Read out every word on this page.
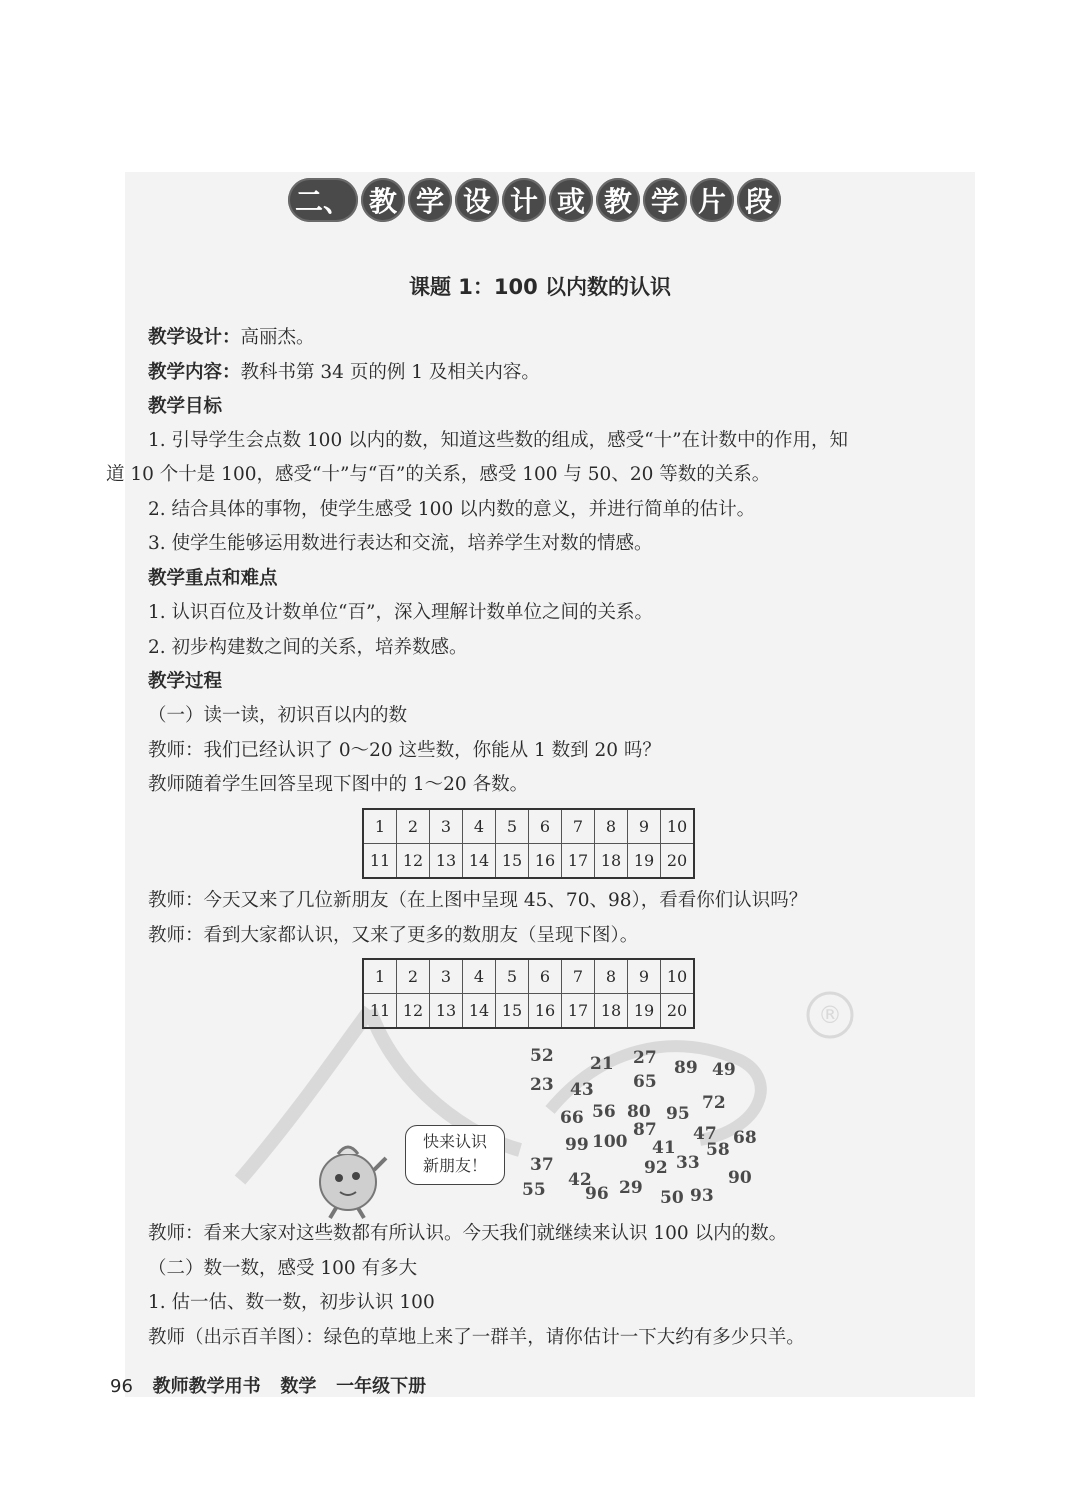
二、 教 学 设 计 或 教 学 片 段
课题 1：100 以内数的认识
教学设计：高丽杰。
教学内容：教科书第 34 页的例 1 及相关内容。
教学目标
1. 引导学生会点数 100 以内的数，知道这些数的组成，感受“十”在计数中的作用，知
道 10 个十是 100，感受“十”与“百”的关系，感受 100 与 50、20 等数的关系。
2. 结合具体的事物，使学生感受 100 以内数的意义，并进行简单的估计。
3. 使学生能够运用数进行表达和交流，培养学生对数的情感。
教学重点和难点
1. 认识百位及计数单位“百”，深入理解计数单位之间的关系。
2. 初步构建数之间的关系，培养数感。
教学过程
（一）读一读，初识百以内的数
教师：我们已经认识了 0～20 这些数，你能从 1 数到 20 吗？
教师随着学生回答呈现下图中的 1～20 各数。
1	2	3	4	5	6	7	8	9	10
11	12	13	14	15	16	17	18	19	20
教师：今天又来了几位新朋友（在上图中呈现 45、70、98），看看你们认识吗？
教师：看到大家都认识，又来了更多的数朋友（呈现下图）。
®
1	2	3	4	5	6	7	8	9	10
11	12	13	14	15	16	17	18	19	20
快来认识
新朋友！
52 21 27 89 49
23 43 65
72
66 56 80 95
99 100
87
41
47 68
58
37	92 33
90
55 42
96 29 50 93
教师：看来大家对这些数都有所认识。今天我们就继续来认识 100 以内的数。
（二）数一数，感受 100 有多大
1. 估一估、数一数，初步认识 100
教师（出示百羊图）：绿色的草地上来了一群羊，请你估计一下大约有多少只羊。
96 教师教学用书 数学 一年级下册
